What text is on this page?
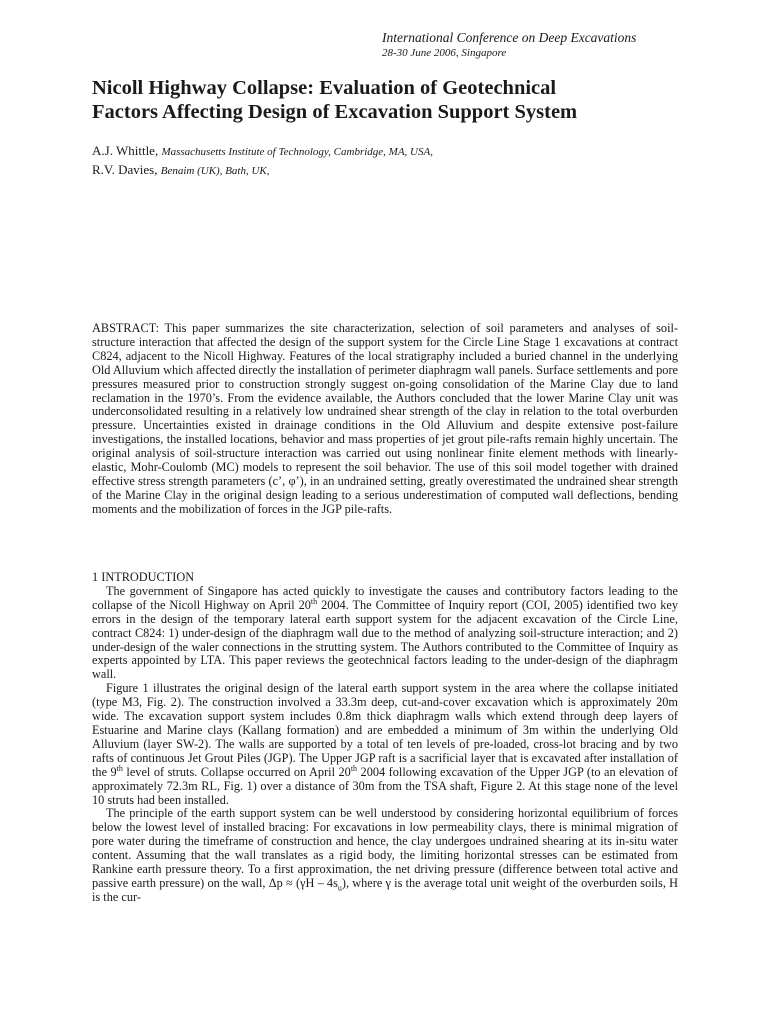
International Conference on Deep Excavations
28-30 June 2006, Singapore
Nicoll Highway Collapse: Evaluation of Geotechnical
Factors Affecting Design of Excavation Support System
A.J. Whittle, Massachusetts Institute of Technology, Cambridge, MA, USA,
R.V. Davies, Benaim (UK), Bath, UK,

ABSTRACT: This paper summarizes the site characterization, selection of soil parameters and analyses of soil-structure interaction that affected the design of the support system for the Circle Line Stage 1 excavations at contract C824, adjacent to the Nicoll Highway. Features of the local stratigraphy included a buried channel in the underlying Old Alluvium which affected directly the installation of perimeter diaphragm wall panels. Surface settlements and pore pressures measured prior to construction strongly suggest on-going consolidation of the Marine Clay due to land reclamation in the 1970’s. From the evidence available, the Authors concluded that the lower Marine Clay unit was underconsolidated resulting in a relatively low undrained shear strength of the clay in relation to the total overburden pressure. Uncertainties existed in drainage conditions in the Old Alluvium and despite extensive post-failure investigations, the installed locations, behavior and mass properties of jet grout pile-rafts remain highly uncertain. The original analysis of soil-structure interaction was carried out using nonlinear finite element methods with linearly-elastic, Mohr-Coulomb (MC) models to represent the soil behavior. The use of this soil model together with drained effective stress strength parameters (c’, φ’), in an undrained setting, greatly overestimated the undrained shear strength of the Marine Clay in the original design leading to a serious underestimation of computed wall deflections, bending moments and the mobilization of forces in the JGP pile-rafts.

1 INTRODUCTION

The government of Singapore has acted quickly to investigate the causes and contributory factors leading to the collapse of the Nicoll Highway on April 20th 2004. The Committee of Inquiry report (COI, 2005) identified two key errors in the design of the temporary lateral earth support system for the adjacent excavation of the Circle Line, contract C824: 1) under-design of the diaphragm wall due to the method of analyzing soil-structure interaction; and 2) under-design of the waler connections in the strutting system. The Authors contributed to the Committee of Inquiry as experts appointed by LTA. This paper reviews the geotechnical factors leading to the under-design of the diaphragm wall.

Figure 1 illustrates the original design of the lateral earth support system in the area where the collapse initiated (type M3, Fig. 2). The construction involved a 33.3m deep, cut-and-cover excavation which is approximately 20m wide. The excavation support system includes 0.8m thick diaphragm walls which extend through deep layers of Estuarine and Marine clays (Kallang formation) and are embedded a minimum of 3m within the underlying Old Alluvium (layer SW-2). The walls are supported by a total of ten levels of pre-loaded, cross-lot bracing and by two rafts of continuous Jet Grout Piles (JGP). The Upper JGP raft is a sacrificial layer that is excavated after installation of the 9th level of struts. Collapse occurred on April 20th 2004 following excavation of the Upper JGP (to an elevation of approximately 72.3m RL, Fig. 1) over a distance of 30m from the TSA shaft, Figure 2. At this stage none of the level 10 struts had been installed.

The principle of the earth support system can be well understood by considering horizontal equilibrium of forces below the lowest level of installed bracing: For excavations in low permeability clays, there is minimal migration of pore water during the timeframe of construction and hence, the clay undergoes undrained shearing at its in-situ water content. Assuming that the wall translates as a rigid body, the limiting horizontal stresses can be estimated from Rankine earth pressure theory. To a first approximation, the net driving pressure (difference between total active and passive earth pressure) on the wall, $\Delta p \approx (\gamma H - 4s_u)$, where γ is the average total unit weight of the overburden soils, H is the cur-
